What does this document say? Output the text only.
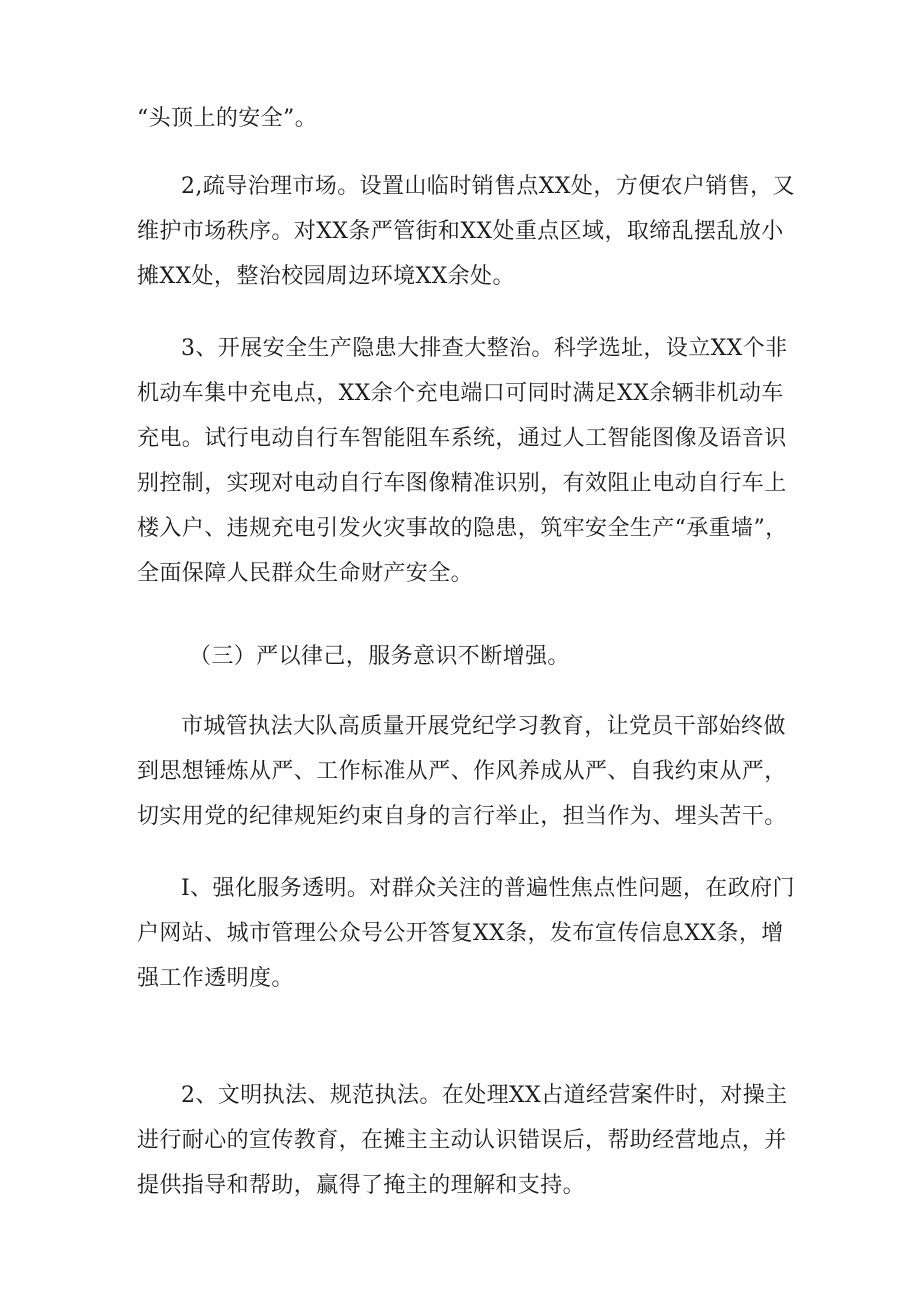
“头顶上的安全”。

2,疏导治理市场。设置山临时销售点XX处，方便农户销售，又维护市场秩序。对XX条严管街和XX处重点区域，取缔乱摆乱放小摊XX处，整治校园周边环境XX余处。

3、开展安全生产隐患大排查大整治。科学选址，设立XX个非机动车集中充电点，XX余个充电端口可同时满足XX余辆非机动车充电。试行电动自行车智能阻车系统，通过人工智能图像及语音识别控制，实现对电动自行车图像精准识别，有效阻止电动自行车上楼入户、违规充电引发火灾事故的隐患，筑牢安全生产“承重墙”，全面保障人民群众生命财产安全。

（三）严以律己，服务意识不断增强。

市城管执法大队高质量开展党纪学习教育，让党员干部始终做到思想锤炼从严、工作标准从严、作风养成从严、自我约束从严，切实用党的纪律规矩约束自身的言行举止，担当作为、埋头苦干。

I、强化服务透明。对群众关注的普遍性焦点性问题，在政府门户网站、城市管理公众号公开答复XX条，发布宣传信息XX条，增强工作透明度。

2、文明执法、规范执法。在处理XX占道经营案件时，对操主进行耐心的宣传教育，在摊主主动认识错误后，帮助经营地点，并提供指导和帮助，赢得了掩主的理解和支持。
